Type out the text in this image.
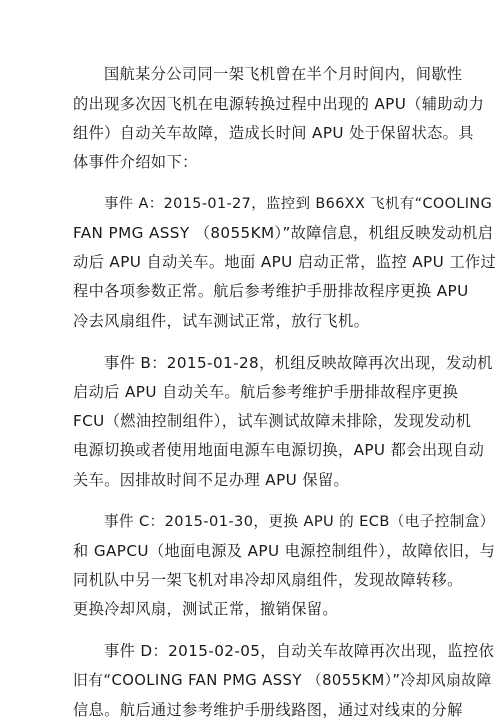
国航某分公司同一架飞机曾在半个月时间内，间歇性
的出现多次因飞机在电源转换过程中出现的 APU（辅助动力
组件）自动关车故障，造成长时间 APU 处于保留状态。具
体事件介绍如下：
事件 A：2015-01-27，监控到 B66XX 飞机有“COOLING
FAN PMG ASSY （8055KM）”故障信息，机组反映发动机启
动后 APU 自动关车。地面 APU 启动正常，监控 APU 工作过
程中各项参数正常。航后参考维护手册排故程序更换 APU
冷去风扇组件，试车测试正常，放行飞机。
事件 B：2015-01-28，机组反映故障再次出现，发动机
启动后 APU 自动关车。航后参考维护手册排故程序更换
FCU（燃油控制组件），试车测试故障未排除，发现发动机
电源切换或者使用地面电源车电源切换，APU 都会出现自动
关车。因排故时间不足办理 APU 保留。
事件 C：2015-01-30，更换 APU 的 ECB（电子控制盒）
和 GAPCU（地面电源及 APU 电源控制组件），故障依旧，与
同机队中另一架飞机对串冷却风扇组件，发现故障转移。
更换冷却风扇，测试正常，撤销保留。
事件 D：2015-02-05，自动关车故障再次出现，监控依
旧有“COOLING FAN PMG ASSY （8055KM）”冷却风扇故障
信息。航后通过参考维护手册线路图，通过对线束的分解
